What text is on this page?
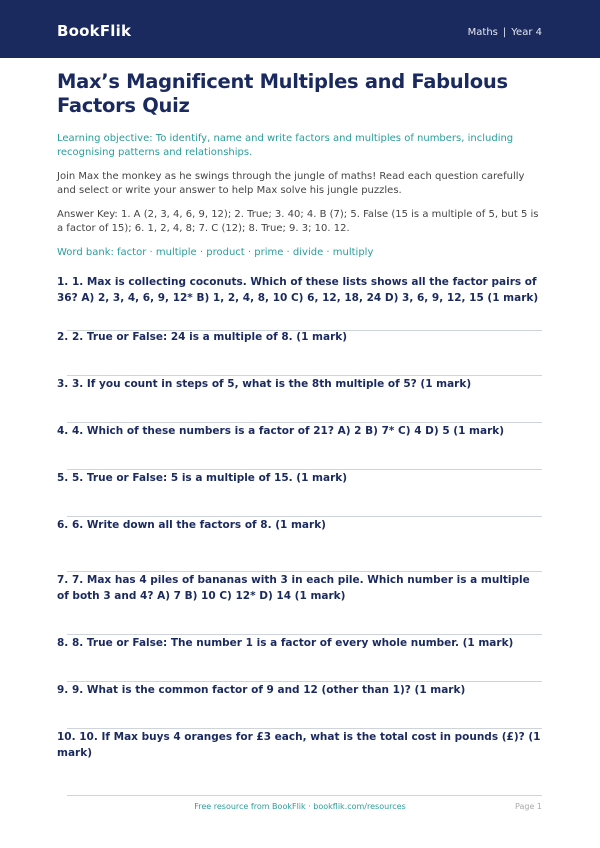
BookFlik	Maths | Year 4
Max’s Magnificent Multiples and Fabulous Factors Quiz
Learning objective: To identify, name and write factors and multiples of numbers, including recognising patterns and relationships.
Join Max the monkey as he swings through the jungle of maths! Read each question carefully and select or write your answer to help Max solve his jungle puzzles.
Answer Key: 1. A (2, 3, 4, 6, 9, 12); 2. True; 3. 40; 4. B (7); 5. False (15 is a multiple of 5, but 5 is a factor of 15); 6. 1, 2, 4, 8; 7. C (12); 8. True; 9. 3; 10. 12.
Word bank: factor · multiple · product · prime · divide · multiply

1. 1. Max is collecting coconuts. Which of these lists shows all the factor pairs of 36? A) 2, 3, 4, 6, 9, 12* B) 1, 2, 4, 8, 10 C) 6, 12, 18, 24 D) 3, 6, 9, 12, 15 (1 mark)

2. 2. True or False: 24 is a multiple of 8. (1 mark)

3. 3. If you count in steps of 5, what is the 8th multiple of 5? (1 mark)

4. 4. Which of these numbers is a factor of 21? A) 2 B) 7* C) 4 D) 5 (1 mark)

5. 5. True or False: 5 is a multiple of 15. (1 mark)

6. 6. Write down all the factors of 8. (1 mark)

7. 7. Max has 4 piles of bananas with 3 in each pile. Which number is a multiple of both 3 and 4? A) 7 B) 10 C) 12* D) 14 (1 mark)

8. 8. True or False: The number 1 is a factor of every whole number. (1 mark)

9. 9. What is the common factor of 9 and 12 (other than 1)? (1 mark)

10. 10. If Max buys 4 oranges for £3 each, what is the total cost in pounds (£)? (1 mark)

Free resource from BookFlik · bookflik.com/resources	Page 1
